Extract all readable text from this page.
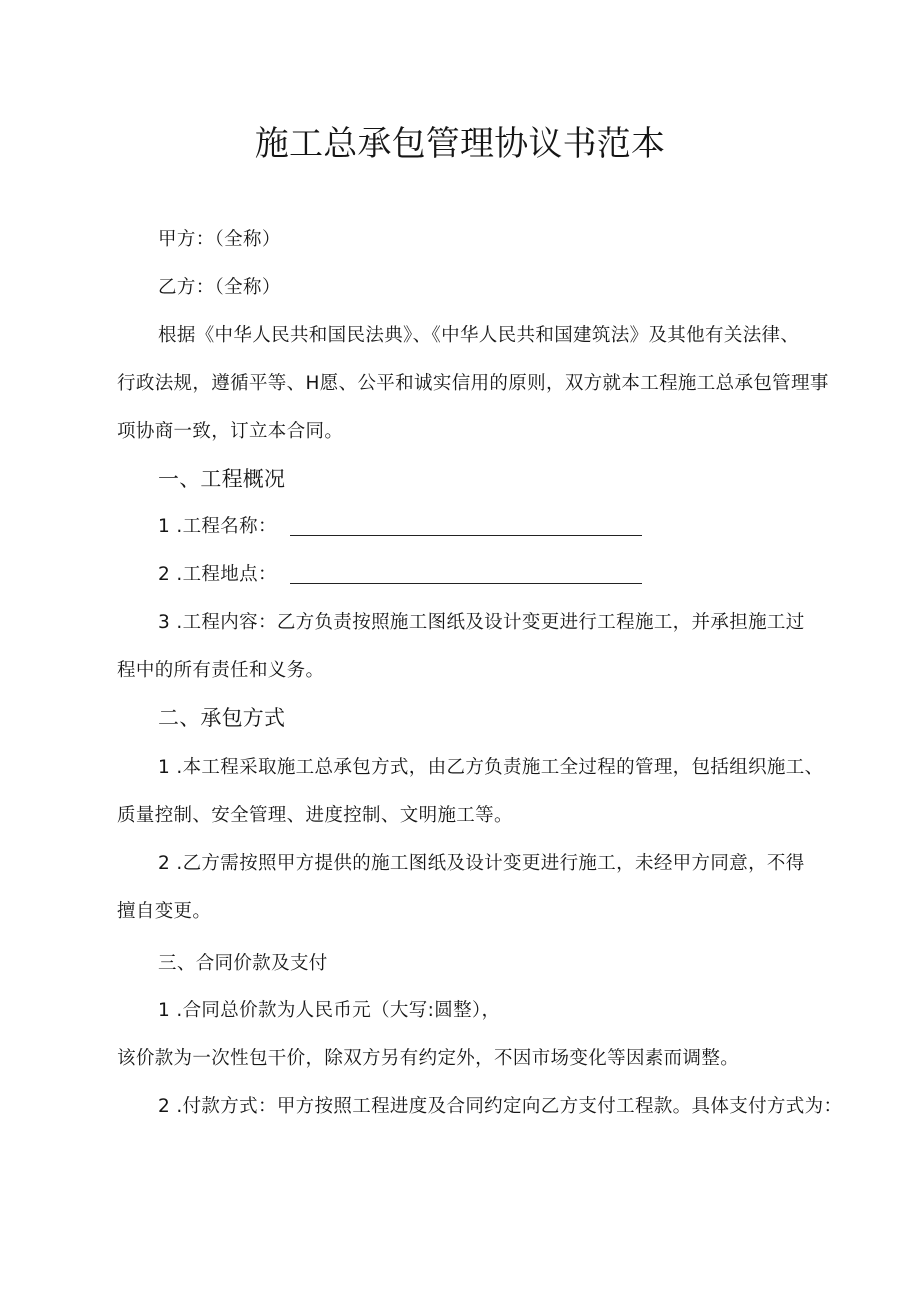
施工总承包管理协议书范本
甲方：（全称）
乙方：（全称）
根据《中华人民共和国民法典》、《中华人民共和国建筑法》及其他有关法律、
行政法规，遵循平等、H愿、公平和诚实信用的原则，双方就本工程施工总承包管理事
项协商一致，订立本合同。
一、工程概况
1 .工程名称：
2 .工程地点：
3 .工程内容：乙方负责按照施工图纸及设计变更进行工程施工，并承担施工过
程中的所有责任和义务。
二、承包方式
1 .本工程采取施工总承包方式，由乙方负责施工全过程的管理，包括组织施工、
质量控制、安全管理、进度控制、文明施工等。
2 .乙方需按照甲方提供的施工图纸及设计变更进行施工，未经甲方同意，不得
擅自变更。
三、合同价款及支付
1 .合同总价款为人民币元（大写:圆整），
该价款为一次性包干价，除双方另有约定外，不因市场变化等因素而调整。
2 .付款方式：甲方按照工程进度及合同约定向乙方支付工程款。具体支付方式为：
